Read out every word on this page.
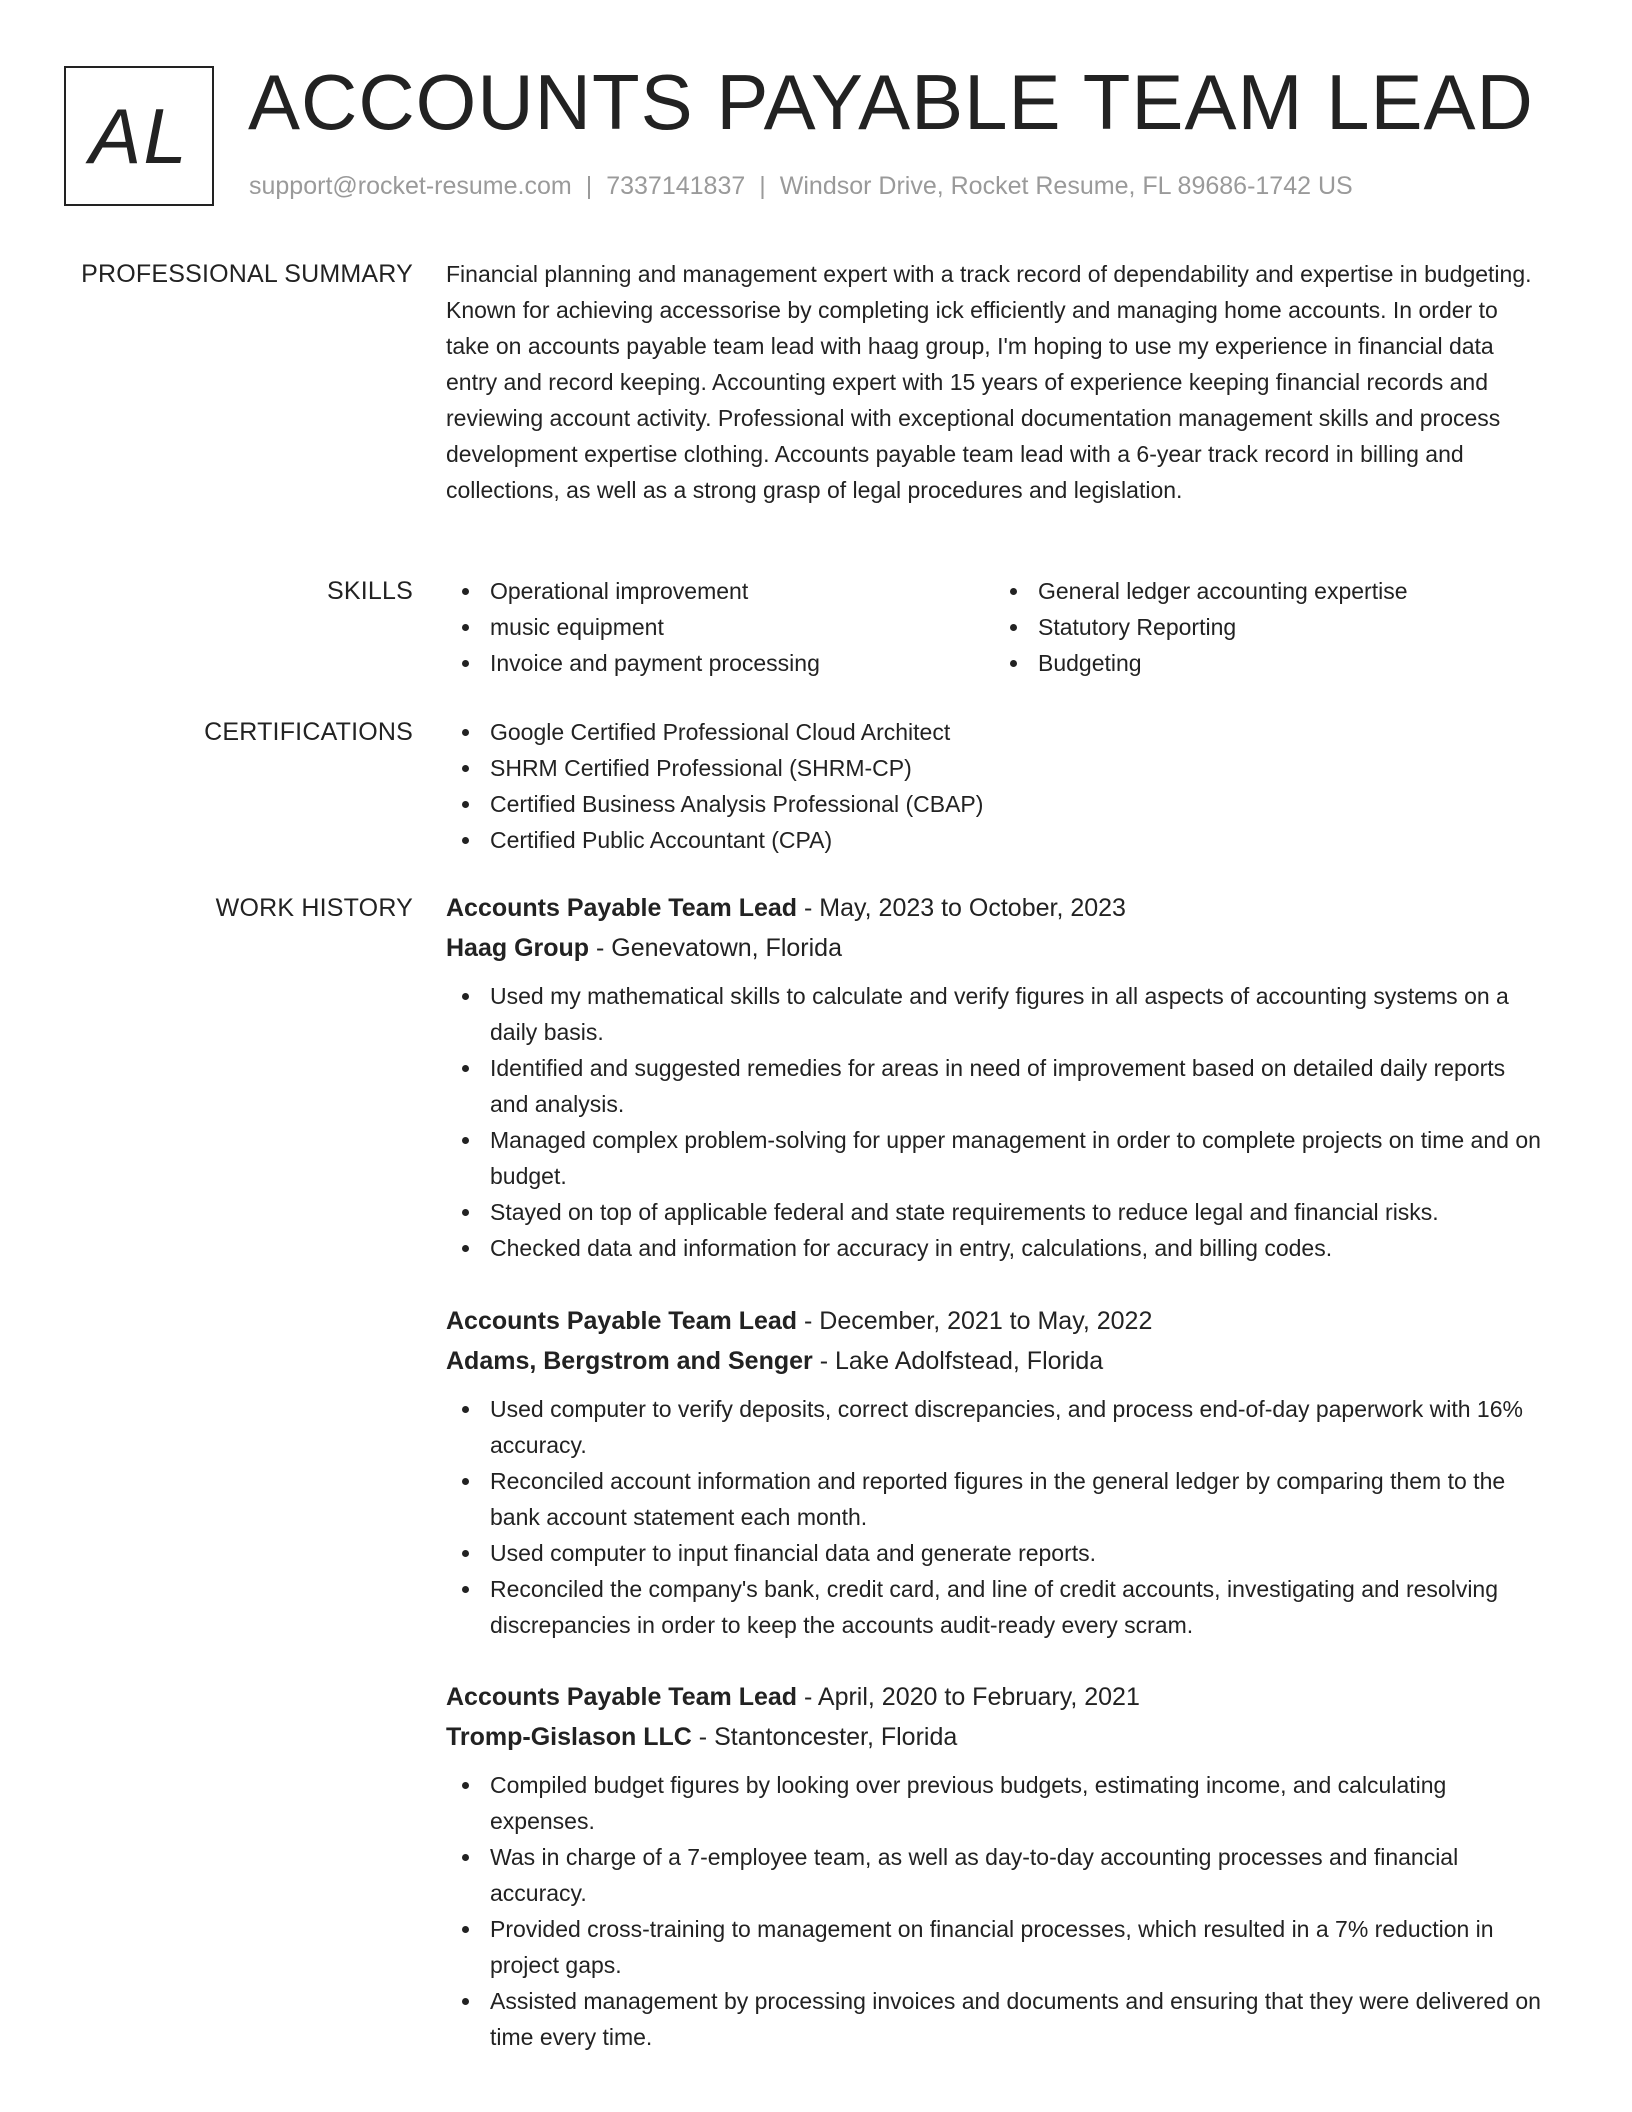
AL ACCOUNTS PAYABLE TEAM LEAD
support@rocket-resume.com | 7337141837 | Windsor Drive, Rocket Resume, FL 89686-1742 US
PROFESSIONAL SUMMARY Financial planning and management expert with a track record of dependability and expertise in budgeting. Known for achieving accessorise by completing ick efficiently and managing home accounts. In order to take on accounts payable team lead with haag group, I'm hoping to use my experience in financial data entry and record keeping. Accounting expert with 15 years of experience keeping financial records and reviewing account activity. Professional with exceptional documentation management skills and process development expertise clothing. Accounts payable team lead with a 6-year track record in billing and collections, as well as a strong grasp of legal procedures and legislation.

SKILLS	Operational improvement
music equipment
Invoice and payment processing
General ledger accounting expertise
Statutory Reporting
Budgeting
CERTIFICATIONS	Google Certified Professional Cloud Architect
SHRM Certified Professional (SHRM-CP)
Certified Business Analysis Professional (CBAP)
Certified Public Accountant (CPA)
WORK HISTORY Accounts Payable Team Lead - May, 2023 to October, 2023
Haag Group - Genevatown, Florida
Used my mathematical skills to calculate and verify figures in all aspects of accounting systems on a daily basis.
Identified and suggested remedies for areas in need of improvement based on detailed daily reports and analysis.
Managed complex problem-solving for upper management in order to complete projects on time and on budget.
Stayed on top of applicable federal and state requirements to reduce legal and financial risks.
Checked data and information for accuracy in entry, calculations, and billing codes.
Accounts Payable Team Lead - December, 2021 to May, 2022
Adams, Bergstrom and Senger - Lake Adolfstead, Florida
Used computer to verify deposits, correct discrepancies, and process end-of-day paperwork with 16% accuracy.
Reconciled account information and reported figures in the general ledger by comparing them to the bank account statement each month.
Used computer to input financial data and generate reports.
Reconciled the company's bank, credit card, and line of credit accounts, investigating and resolving discrepancies in order to keep the accounts audit-ready every scram.
Accounts Payable Team Lead - April, 2020 to February, 2021
Tromp-Gislason LLC - Stantoncester, Florida
Compiled budget figures by looking over previous budgets, estimating income, and calculating expenses.
Was in charge of a 7-employee team, as well as day-to-day accounting processes and financial accuracy.
Provided cross-training to management on financial processes, which resulted in a 7% reduction in project gaps.
Assisted management by processing invoices and documents and ensuring that they were delivered on time every time.
